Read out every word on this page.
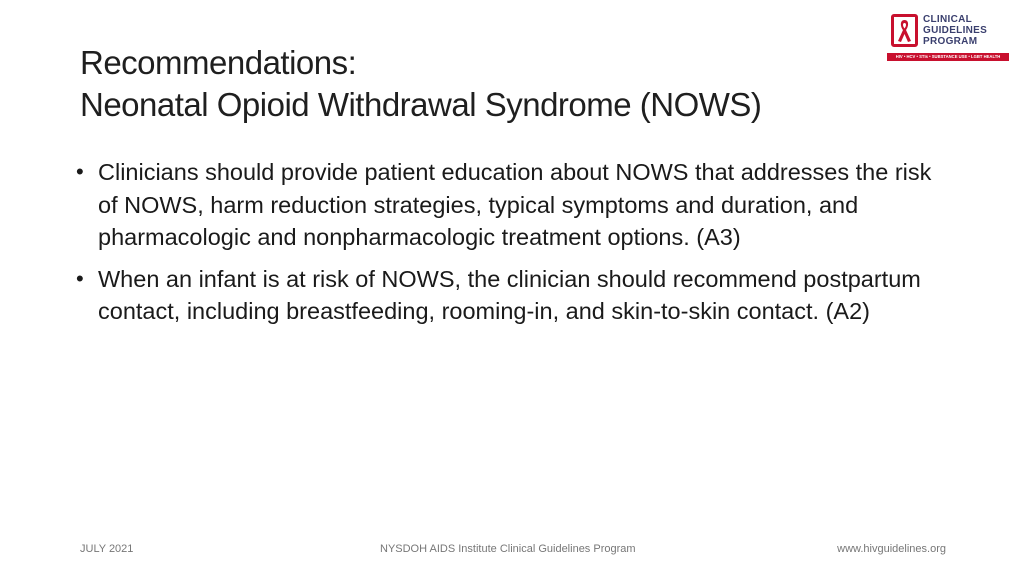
CLINICAL
GUIDELINES
PROGRAM
HIV • HCV • STIs • SUBSTANCE USE • LGBT HEALTH
Recommendations:
Neonatal Opioid Withdrawal Syndrome (NOWS)
• Clinicians should provide patient education about NOWS that addresses the risk of NOWS, harm reduction strategies, typical symptoms and duration, and pharmacologic and nonpharmacologic treatment options. (A3)
• When an infant is at risk of NOWS, the clinician should recommend postpartum contact, including breastfeeding, rooming-in, and skin-to-skin contact. (A2)
JULY 2021	NYSDOH AIDS Institute Clinical Guidelines Program	www.hivguidelines.org
